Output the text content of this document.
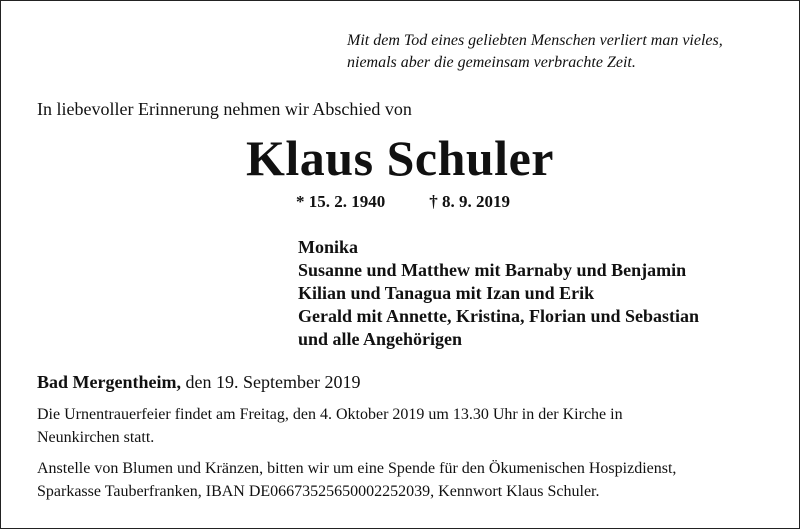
Mit dem Tod eines geliebten Menschen verliert man vieles,
niemals aber die gemeinsam verbrachte Zeit.
In liebevoller Erinnerung nehmen wir Abschied von
Klaus Schuler
* 15. 2. 1940	† 8. 9. 2019
Monika
Susanne und Matthew mit Barnaby und Benjamin
Kilian und Tanagua mit Izan und Erik
Gerald mit Annette, Kristina, Florian und Sebastian
und alle Angehörigen
Bad Mergentheim, den 19. September 2019
Die Urnentrauerfeier findet am Freitag, den 4. Oktober 2019 um 13.30 Uhr in der Kirche in
Neunkirchen statt.
Anstelle von Blumen und Kränzen, bitten wir um eine Spende für den Ökumenischen Hospizdienst,
Sparkasse Tauberfranken, IBAN DE06673525650002252039, Kennwort Klaus Schuler.
